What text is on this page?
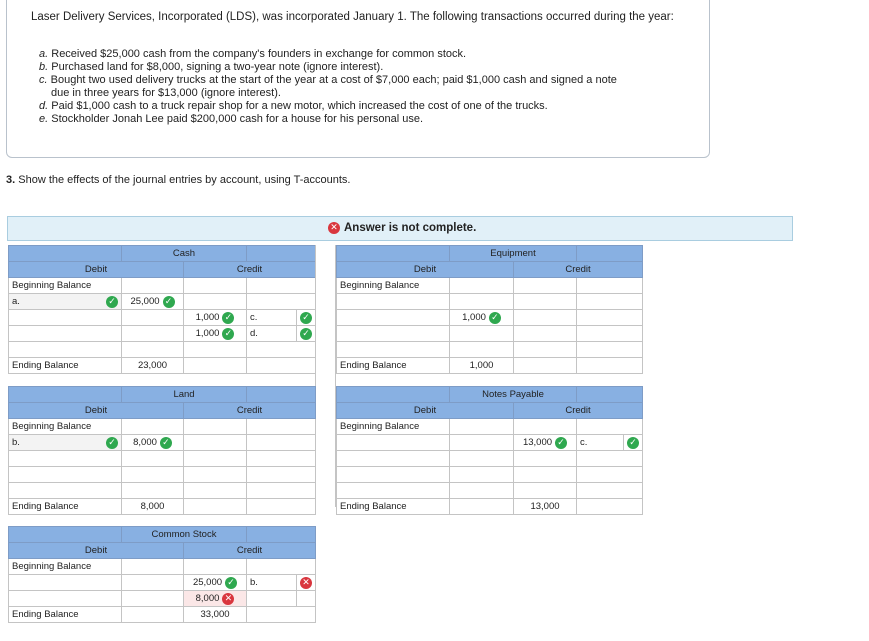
Laser Delivery Services, Incorporated (LDS), was incorporated January 1. The following transactions occurred during the year:
a. Received $25,000 cash from the company's founders in exchange for common stock.
b. Purchased land for $8,000, signing a two-year note (ignore interest).
c. Bought two used delivery trucks at the start of the year at a cost of $7,000 each; paid $1,000 cash and signed a note
due in three years for $13,000 (ignore interest).
d. Paid $1,000 cash to a truck repair shop for a new motor, which increased the cost of one of the trucks.
e. Stockholder Jonah Lee paid $200,000 cash for a house for his personal use.
3. Show the effects of the journal entries by account, using T-accounts.
✕ Answer is not complete.
	Cash			
Debit		Credit		
Beginning Balance				

a. ✓	25,000 ✓			

		1,000 ✓	c.	✓

		1,000 ✓	d.	✓

Ending Balance	23,000			
	Equipment		
Debit		Credit	
Beginning Balance			

	1,000 ✓		

Ending Balance	1,000		
	Land		
Debit		Credit	
Beginning Balance			

b. ✓	8,000 ✓		

Ending Balance	8,000		
	Notes Payable			
Debit		Credit		
Beginning Balance				

		13,000 ✓	c.	✓

Ending Balance		13,000		
	Common Stock			
Debit		Credit		
Beginning Balance				

		25,000 ✓	b.	✕

		8,000 ✕		

Ending Balance		33,000		
